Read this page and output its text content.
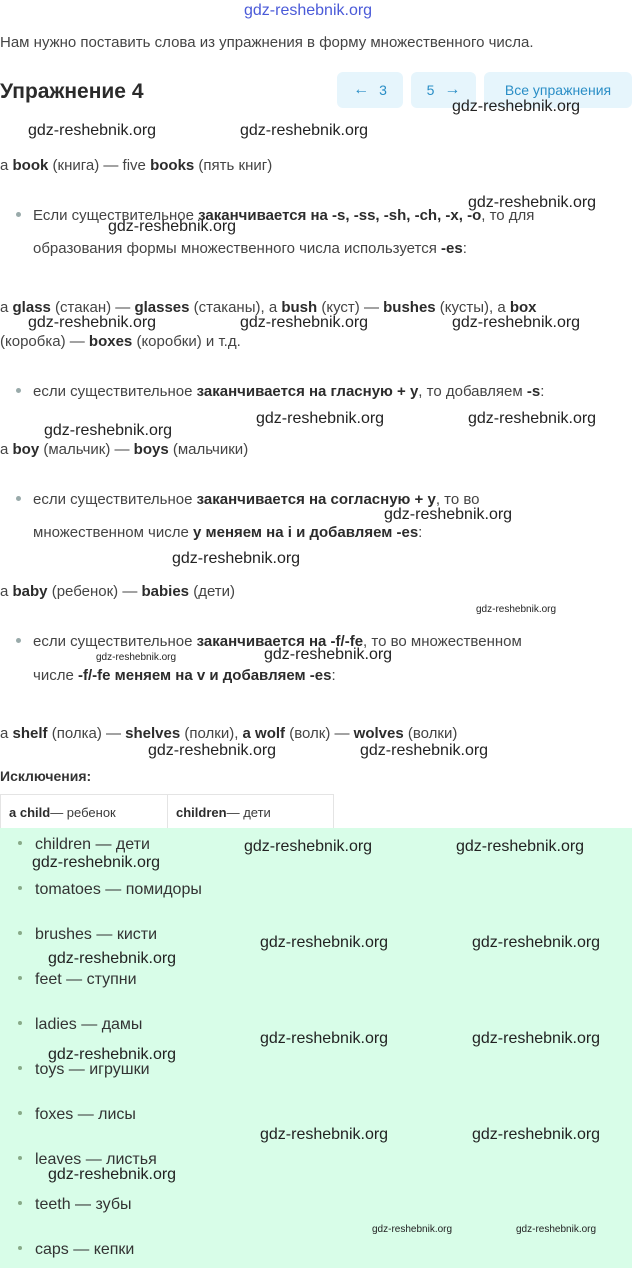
gdz-reshebnik.org
Нам нужно поставить слова из упражнения в форму множественного числа.
Упражнение 4	← 3	5 →	Все упражнения
a book (книга) — five books (пять книг)
Если существительное заканчивается на -s, -ss, -sh, -ch, -x, -o, то для
образования формы множественного числа используется -es:
a glass (стакан) — glasses (стаканы), a bush (куст) — bushes (кусты), a box
(коробка) — boxes (коробки) и т.д.
если существительное заканчивается на гласную + y, то добавляем -s:
a boy (мальчик) — boys (мальчики)
если существительное заканчивается на согласную + y, то во
множественном числе y меняем на i и добавляем -es:
a baby (ребенок) — babies (дети)
если существительное заканчивается на -f/-fe, то во множественном
числе -f/-fe меняем на v и добавляем -es:
a shelf (полка) — shelves (полки), a wolf (волк) — wolves (волки)
Исключения:
a child — ребенок	children — дети
children — дети
tomatoes — помидоры
brushes — кисти
feet — ступни
ladies — дамы
toys — игрушки
foxes — лисы
leaves — листья
teeth — зубы
caps — кепки
gdz-reshebnik.org
gdz-reshebnik.org	gdz-reshebnik.org
gdz-reshebnik.org
gdz-reshebnik.org
gdz-reshebnik.org	gdz-reshebnik.org	gdz-reshebnik.org
gdz-reshebnik.org	gdz-reshebnik.org
gdz-reshebnik.org
gdz-reshebnik.org
gdz-reshebnik.org
gdz-reshebnik.org
gdz-reshebnik.org	gdz-reshebnik.org
gdz-reshebnik.org	gdz-reshebnik.org
gdz-reshebnik.org
gdz-reshebnik.org	gdz-reshebnik.org
gdz-reshebnik.org	gdz-reshebnik.org
gdz-reshebnik.org
gdz-reshebnik.org	gdz-reshebnik.org
gdz-reshebnik.org
gdz-reshebnik.org	gdz-reshebnik.org
gdz-reshebnik.org
gdz-reshebnik.org	gdz-reshebnik.org
